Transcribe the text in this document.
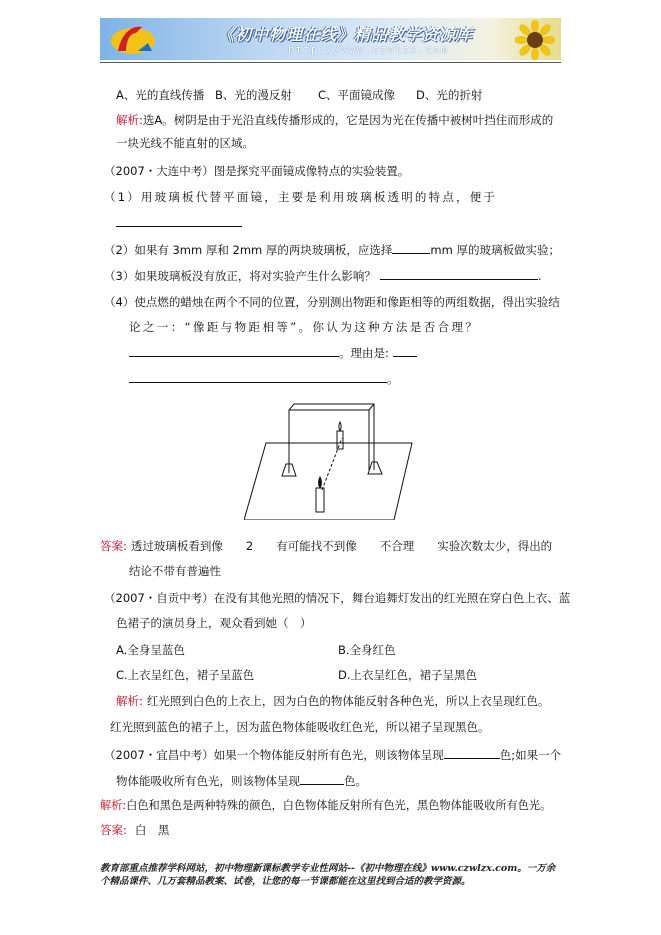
《初中物理在线》精品教学资源库
http://www.czwlzx.com
A、光的直线传播 B、光的漫反射 C、平面镜成像 D、光的折射
解析:选A。树阴是由于光沿直线传播形成的，它是因为光在传播中被树叶挡住而形成的
一块光线不能直射的区域。
（2007・大连中考）图是探究平面镜成像特点的实验装置。
（1）用玻璃板代替平面镜，主要是利用玻璃板透明的特点，便于
（2）如果有 3mm 厚和 2mm 厚的两块玻璃板，应选择	mm 厚的玻璃板做实验；
（3）如果玻璃板没有放正，将对实验产生什么影响？	.
（4）使点燃的蜡烛在两个不同的位置，分别测出物距和像距相等的两组数据，得出实验结
论之一：“像距与物距相等”。你认为这种方法是否合理？
。理由是:
。
答案: 透过玻璃板看到像　　2　　有可能找不到像　　不合理　　实验次数太少，得出的
结论不带有普遍性
（2007・自贡中考）在没有其他光照的情况下，舞台追舞灯发出的红光照在穿白色上衣、蓝
色裙子的演员身上，观众看到她（　）
A.全身呈蓝色	B.全身红色
C.上衣呈红色，裙子呈蓝色	D.上衣呈红色，裙子呈黑色
解析: 红光照到白色的上衣上，因为白色的物体能反射各种色光，所以上衣呈现红色。
红光照到蓝色的裙子上，因为蓝色物体能吸收红色光，所以裙子呈现黑色。
（2007・宜昌中考）如果一个物体能反射所有色光，则该物体呈现	色;如果一个
物体能吸收所有色光，则该物体呈现	色。
解析:白色和黑色是两种特殊的颜色，白色物体能反射所有色光，黑色物体能吸收所有色光。
答案: 白　黑
教育部重点推荐学科网站，初中物理新课标教学专业性网站--《初中物理在线》www.czwlzx.com。一万余
个精品课件、几万套精品教案、试卷，让您的每一节课都能在这里找到合适的教学资源。
